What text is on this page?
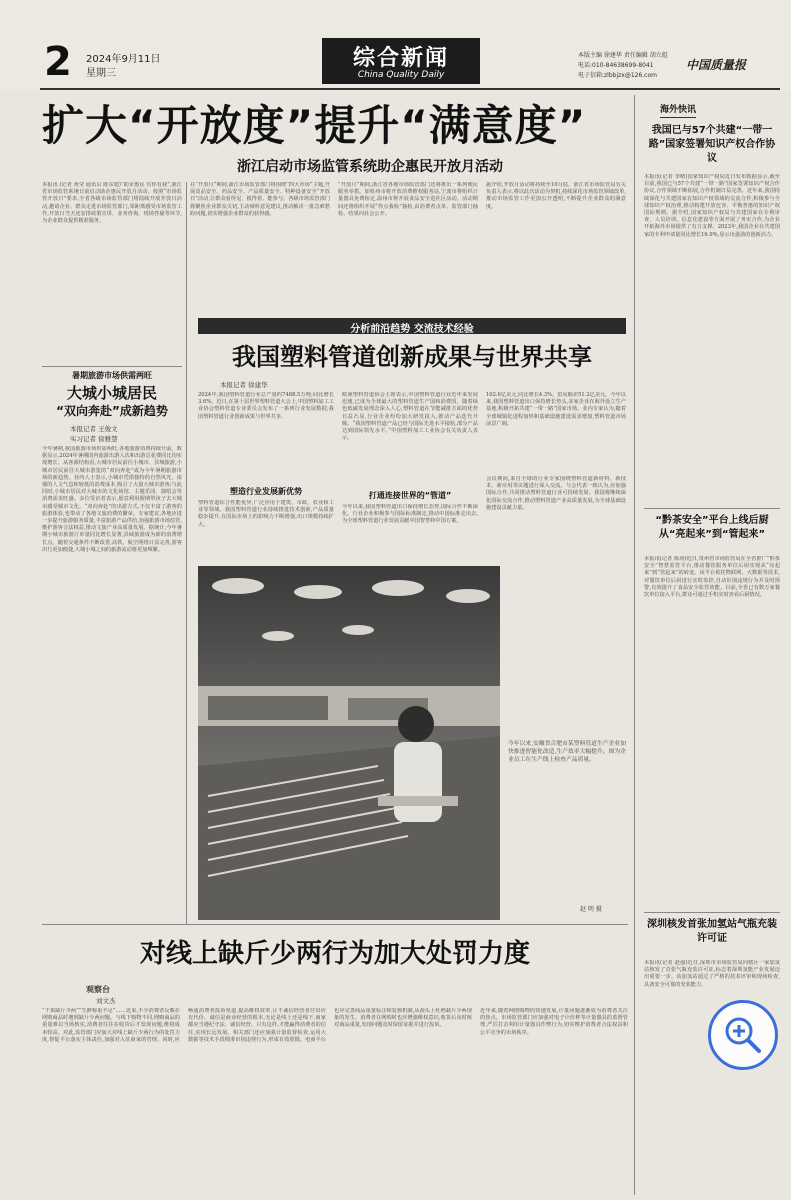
2 2024年9月11日
星期三
综合新闻
China Quality Daily
本版主编 徐建华 责任编辑 胡立彪
电话:010-84638699-8041
电子信箱:zlbbjzx@126.com
中国质量报
扩大“开放度”提升“满意度”
浙江启动市场监管系统助企惠民开放月活动
本报讯 (记者 黄莹 通讯员 陈东旭)“助企惠民 有你有我”,浙江省市场监管系统日前启动助企惠民开放月活动。按照“市场监管开放日”要求,全省各级市场监管部门将陆续开展开放日活动,邀请企业、群众走进市场监管部门,零距离感受市场监管工作,开放日当天还安排政策宣讲、业务咨询、现场答疑等环节,为企业群众提供精准服务。
在“开放月”期间,浙江市场监管部门将围绕“四大市场”主题,开展食品安全、药品安全、产品质量安全、特种设备安全“开放日”活动,让群众看得见、摸得着、能参与。各级市场监管部门将聚焦企业群众关切,主动倾听意见建议,推动解决一批急难愁盼问题,切实增强企业群众的获得感。
“开放月”期间,浙江省各地市场监管部门还将推出一系列便民服务举措。如杭州市将开放消费维权服务站,宁波市将组织计量器具免费检定,温州市将开展食品安全进社区活动。活动期间还将组织开展“你点我检”抽检,由消费者点单、监管部门抽检、结果向社会公开。
据介绍,开放月活动将持续至10月底。浙江省市场监管局有关负责人表示,将以此次活动为契机,持续深化市场监管领域改革,推动市场监管工作更加公开透明,不断提升企业群众的满意度。
暑期旅游市场供需两旺
大城小城居民
“双向奔赴”成新趋势
本报记者 王俊文
实习记者 徐雅慧
今年暑期,我国旅游市场供需两旺,各地旅游消费持续升温。数据显示,2024年暑期国内旅游出游人次和出游总花费同比均实现增长。从客源结构看,大城市居民前往小城市、县城旅游,小城市居民前往大城市游览的“双向奔赴”成为今年暑期旅游市场的新趋势。业内人士表示,小城市凭借独特的自然风光、浓郁的人文气息和较低的消费成本,吸引了大量大城市游客;与此同时,小城市居民对大城市的文化场馆、主题乐园、演唱会等消费需求旺盛。多位受访者表示,愿意利用假期带孩子去大城市感受城市文化。“双向奔赴”的出游方式,不仅丰富了游客的旅游体验,也带动了各地文旅消费的繁荣。专家建议,各地应进一步提升旅游服务质量,丰富旅游产品供给,加强旅游市场监管,维护游客合法权益,推动文旅产业高质量发展。据统计,今年暑期小城市旅游订单量同比增长显著,县域旅游成为新的消费增长点。随着交通条件不断改善,高铁、航空网络日益完善,游客出行更加便捷,大城小城之间的旅游流动将更加频繁。
分析前沿趋势 交流技术经验
我国塑料管道创新成果与世界共享
本报记者 徐建华
2024年,我国塑料管道行业总产量约7488.5万吨,同比增长3.6%。近日,在第十届世界塑料管道大会上,中国塑料加工工业协会塑料管道专业委员会发布了一系列行业发展数据,我国塑料管道行业创新成果与世界共享。
塑造行业发展新优势
塑料管道综合性能优异,广泛应用于建筑、市政、农业和工业等领域。我国塑料管道行业持续推进技术创新,产品质量稳步提升,在国际市场上的影响力不断增强,出口规模持续扩大。
欧洲塑料管道协会主席表示,中国塑料管道行业近年来发展迅速,已成为全球最大的塑料管道生产国和消费国。随着绿色低碳发展理念深入人心,塑料管道在节能减排方面的优势日益凸显,行业企业纷纷加大研发投入,推动产品迭代升级。“我国塑料管道产品已经与国际先进水平接轨,部分产品达到国际领先水平。”中国塑料加工工业协会有关负责人表示。
打通连接世界的“管道”
今年以来,我国塑料管道出口保持增长态势,国际合作不断深化。行业企业积极参与国际标准制定,推动中国标准走出去,为全球塑料管道行业发展贡献中国智慧和中国方案。
102.6亿美元,同比增长4.3%。贸易顺差51.2亿美元。今年以来,我国塑料管道出口保持增长势头,多家企业在海外设立生产基地,积极开拓共建“一带一路”国家市场。业内专家认为,随着全球城镇化进程加快和基础设施建设需求增加,塑料管道市场前景广阔。
会议期间,来自全球的行业专家围绕塑料管道新材料、新技术、新应用等议题进行深入交流。与会代表一致认为,应加强国际合作,共同推动塑料管道行业可持续发展。我国将继续深化国际交流合作,推动塑料管道产业高质量发展,为全球基础设施建设贡献力量。
今年以来,安徽省合肥市某塑料管道生产企业加快推进智能化改造,生产效率大幅提升。图为企业员工在生产线上检查产品质量。
赵 明 摄
对线上缺斤少两行为加大处罚力度
观察台
刘文杰
“干果缺斤少两”“生鲜称重不足”……近来,不少消费者反映在网购商品时遇到缺斤少两问题。与线下购物不同,网购商品的重量难以当场核实,消费者往往在收货后才发现问题,维权成本较高。对此,监管部门应加大对线上缺斤少两行为的处罚力度,督促平台落实主体责任,加强对入驻商家的管理。同时,应畅通消费者投诉渠道,提高维权效率,让不诚信经营者付出应有代价。诚信是商业经营的根本,无论是线上还是线下,商家都应当遵纪守法、诚信经营。只有这样,才能赢得消费者的信任,实现长远发展。相关部门还应加强计量监督检查,运用大数据等技术手段精准识别违规行为,形成有效震慑。电商平台也应完善商品重量标注和复核机制,从源头上杜绝缺斤少两现象的发生。消费者在网购时也应增强维权意识,收货后及时核对商品重量,发现问题及时保留证据并进行投诉。
近年来,随着网络购物的快速发展,计量问题逐渐成为消费者关注的焦点。市场监管部门应加强对电子计价秤等计量器具的监督管理,严厉打击利用计量器具作弊行为,切实维护消费者合法权益和公平竞争的市场秩序。
海外快讯
我国已与57个共建“一带一路”国家签署知识产权合作协议
本报讯(记者 李晴)国家知识产权局近日发布数据显示,截至目前,我国已与57个共建“一带一路”国家签署知识产权合作协议,合作领域不断拓展,合作机制日益完善。近年来,我国持续深化与共建国家在知识产权领域的交流合作,积极参与全球知识产权治理,推动构建开放包容、平衡普惠的知识产权国际规则。据介绍,国家知识产权局与共建国家在专利审查、人员培训、信息化建设等方面开展了务实合作,为企业开拓海外市场提供了有力支撑。2023年,我国企业在共建国家的专利申请量同比增长16.9%,显示出强劲的创新活力。
“黔茶安全”平台上线后厨从“亮起来”到“管起来”
本报讯(记者 陈涛)近日,贵州省市场监管局在全省推广“黔茶安全”智慧监管平台,推动餐饮服务单位后厨实现从“亮起来”到“管起来”的转变。该平台依托物联网、大数据等技术,对餐饮单位后厨进行实时监控,自动识别违规行为并及时预警,有效提升了食品安全监管效能。目前,全省已有数万家餐饮单位接入平台,群众可通过手机实时查看后厨情况。
深圳核发首张加氢站气瓶充装许可证
本报讯(记者 赵强)近日,深圳市市场监管局向辖区一家加氢站核发了首张气瓶充装许可证,标志着深圳氢能产业发展迈出重要一步。该加氢站通过了严格的技术评审和现场检查,具备安全可靠的充装能力。
